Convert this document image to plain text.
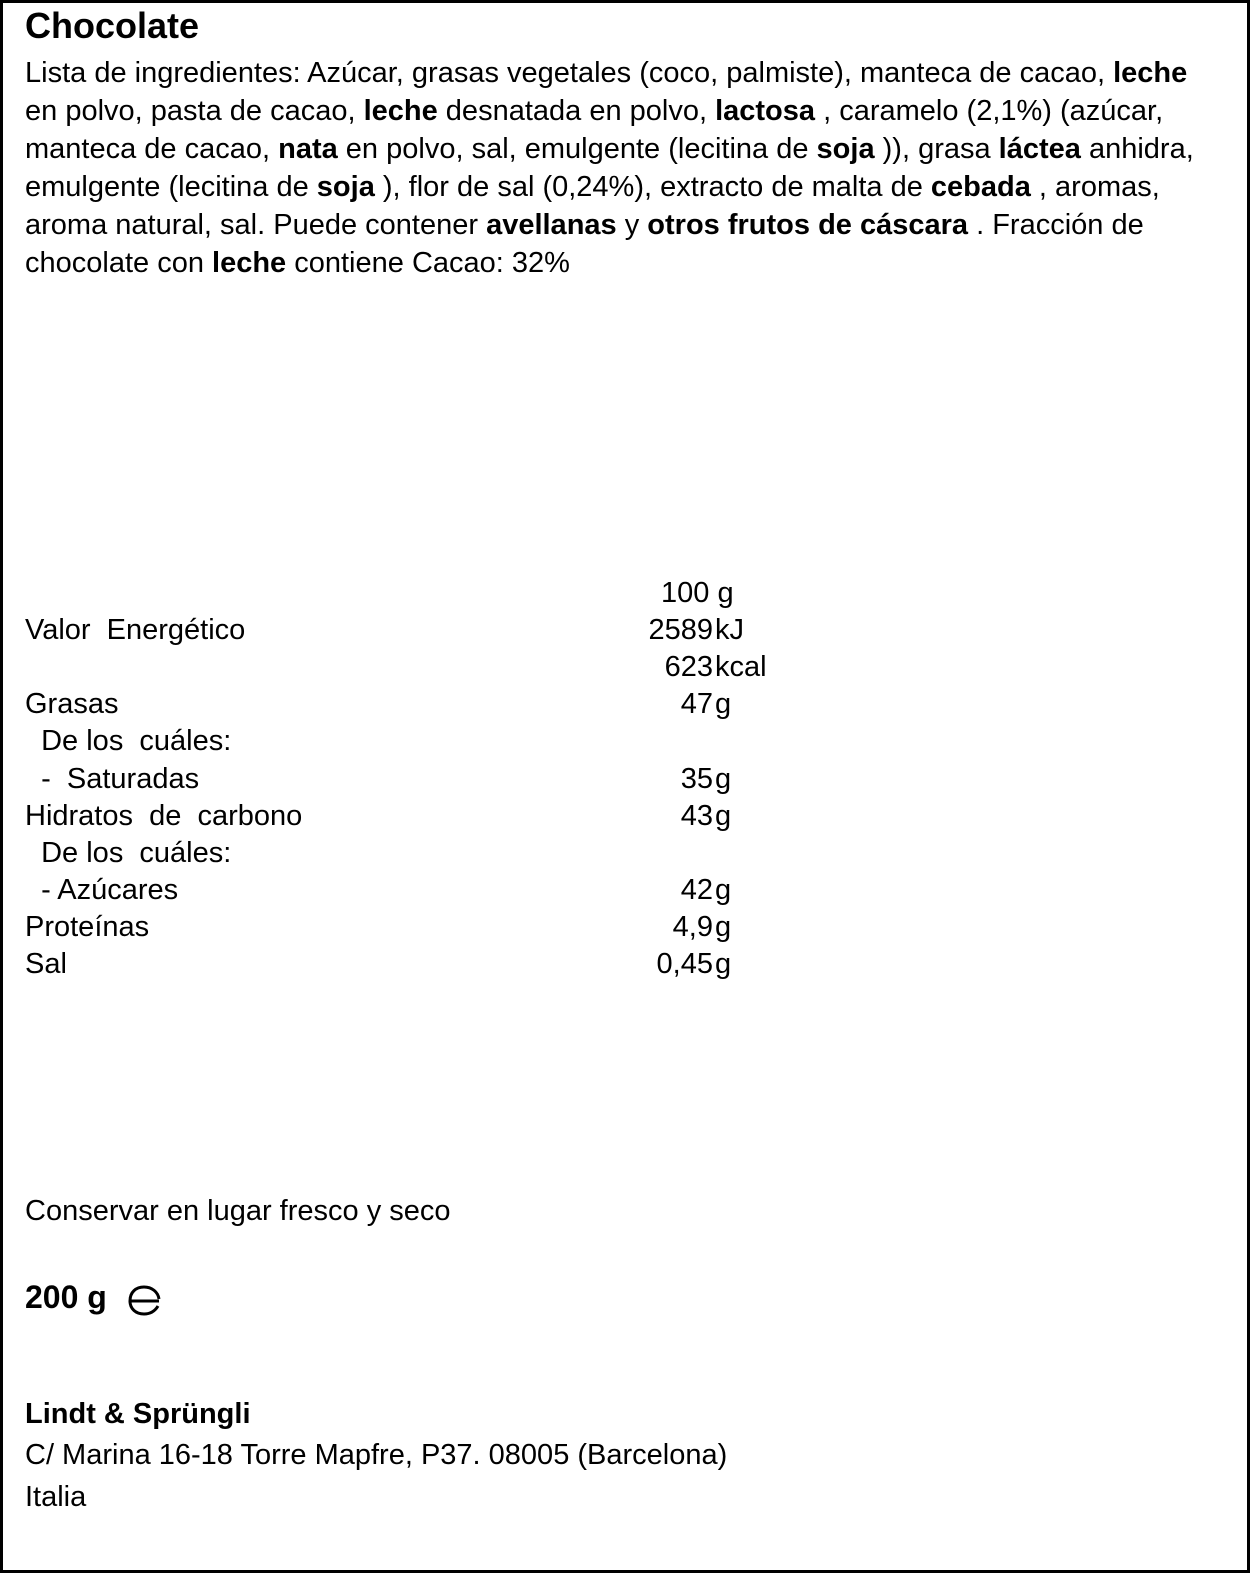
Chocolate
Lista de ingredientes: Azúcar, grasas vegetales (coco, palmiste), manteca de cacao, leche en polvo, pasta de cacao, leche desnatada en polvo, lactosa , caramelo (2,1%) (azúcar, manteca de cacao, nata en polvo, sal, emulgente (lecitina de soja )), grasa láctea anhidra, emulgente (lecitina de soja ), flor de sal (0,24%), extracto de malta de cebada , aromas, aroma natural, sal. Puede contener avellanas y otros frutos de cáscara . Fracción de chocolate con leche contiene Cacao: 32%
100 g
Valor  Energético	2589 kJ
623 kcal
Grasas	47 g
De los  cuáles:
-  Saturadas	35 g
Hidratos  de  carbono	43 g
De los  cuáles:
- Azúcares	42 g
Proteínas	4,9 g
Sal	0,45 g
Conservar en lugar fresco y seco
200 g
Lindt & Sprüngli
C/ Marina 16-18 Torre Mapfre, P37. 08005 (Barcelona)
Italia
